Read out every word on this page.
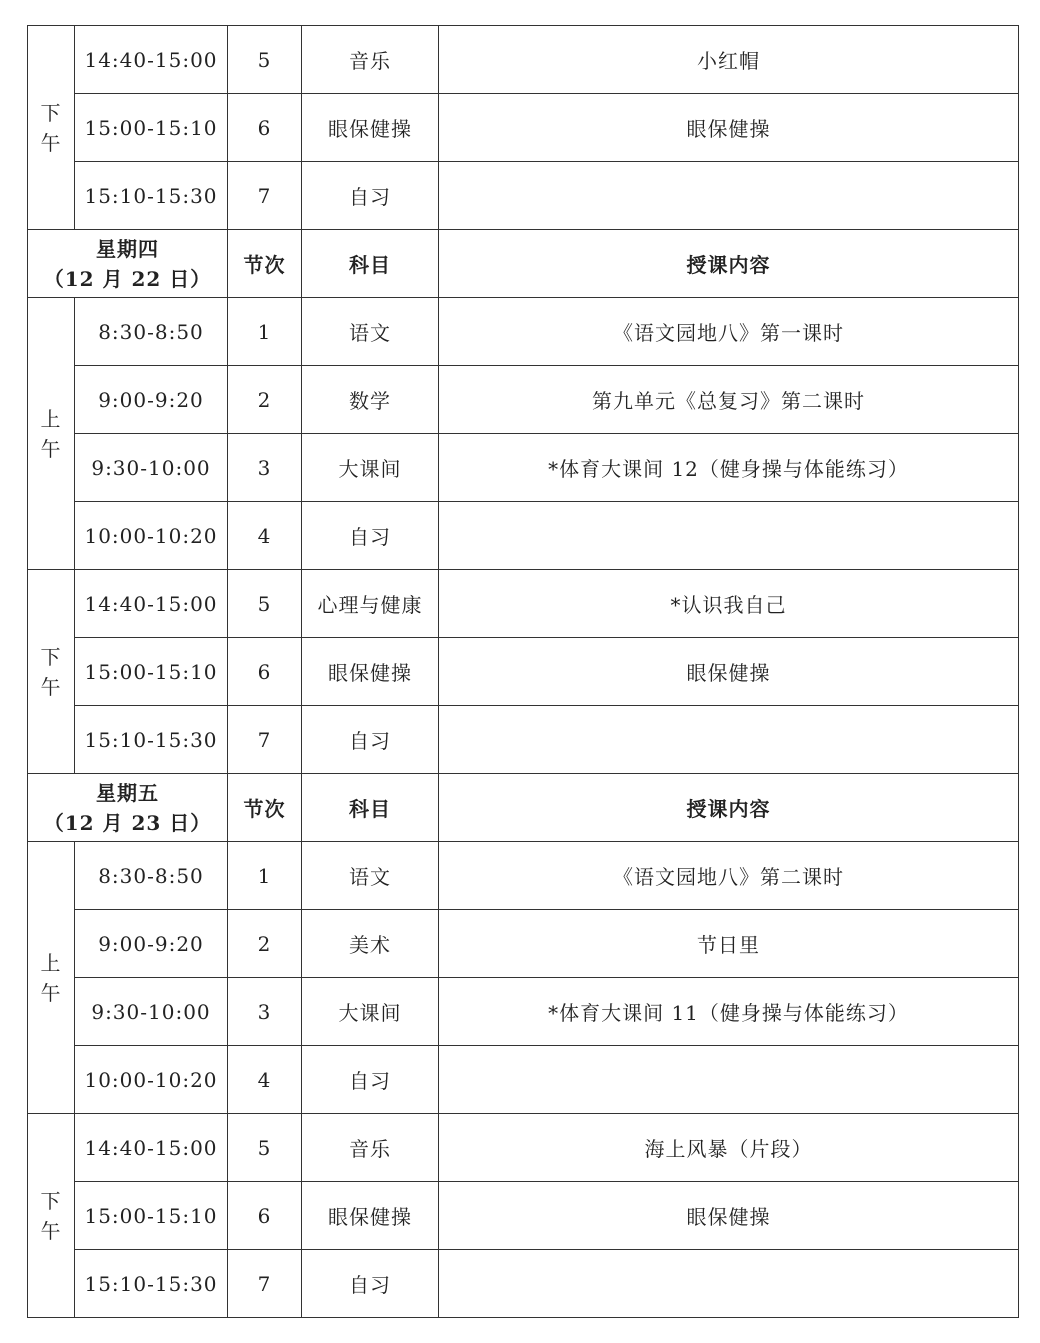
下
午	14:40-15:00	5	音乐	小红帽
	15:00-15:10	6	眼保健操	眼保健操
	15:10-15:30	7	自习	

星期四
（12 月 22 日）		节次	科目	授课内容

上
午	8:30-8:50	1	语文	《语文园地八》第一课时
	9:00-9:20	2	数学	第九单元《总复习》第二课时
	9:30-10:00	3	大课间	*体育大课间 12（健身操与体能练习）
	10:00-10:20	4	自习	

下
午	14:40-15:00	5	心理与健康	*认识我自己
	15:00-15:10	6	眼保健操	眼保健操
	15:10-15:30	7	自习	

星期五
（12 月 23 日）		节次	科目	授课内容

上
午	8:30-8:50	1	语文	《语文园地八》第二课时
	9:00-9:20	2	美术	节日里
	9:30-10:00	3	大课间	*体育大课间 11（健身操与体能练习）
	10:00-10:20	4	自习	

下
午	14:40-15:00	5	音乐	海上风暴（片段）
	15:00-15:10	6	眼保健操	眼保健操
	15:10-15:30	7	自习	
